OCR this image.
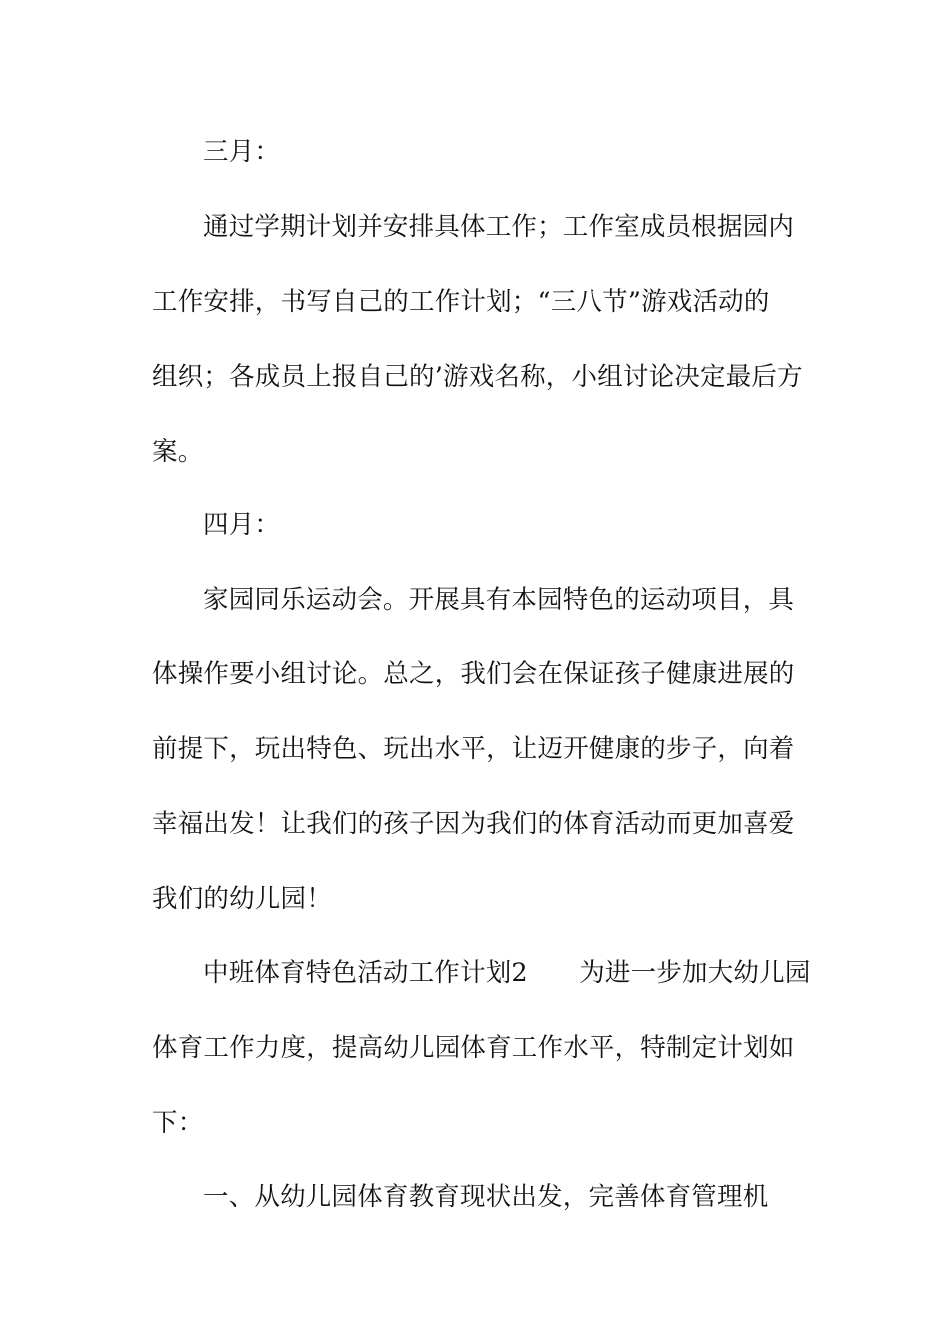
三月：
通过学期计划并安排具体工作；工作室成员根据园内
工作安排，书写自己的工作计划；“三八节”游戏活动的
组织；各成员上报自己的’游戏名称，小组讨论决定最后方
案。
四月：
家园同乐运动会。开展具有本园特色的运动项目，具
体操作要小组讨论。总之，我们会在保证孩子健康进展的
前提下，玩出特色、玩出水平，让迈开健康的步子，向着
幸福出发！让我们的孩子因为我们的体育活动而更加喜爱
我们的幼儿园！
中班体育特色活动工作计划2　　为进一步加大幼儿园
体育工作力度，提高幼儿园体育工作水平，特制定计划如
下：
一、从幼儿园体育教育现状出发，完善体育管理机
